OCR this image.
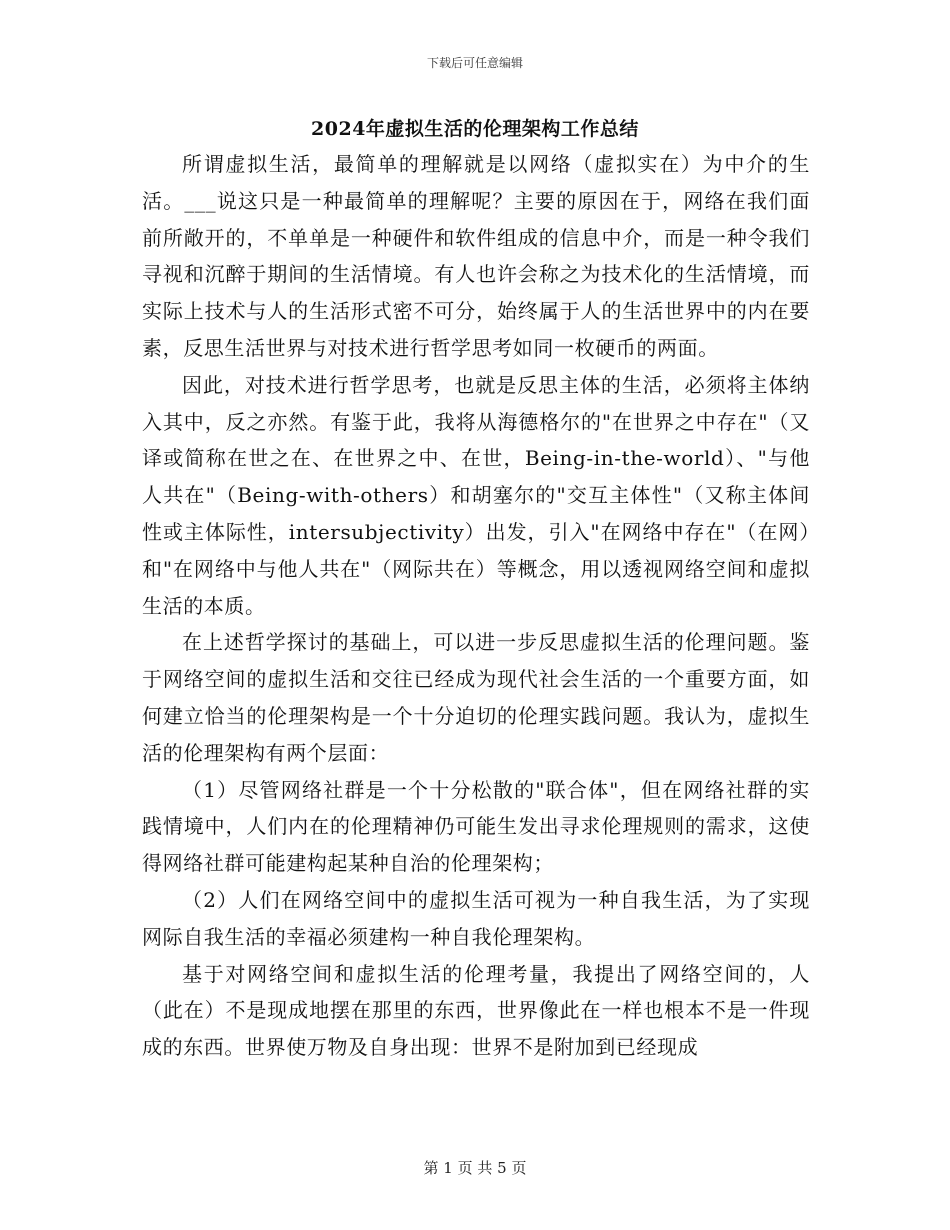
下载后可任意编辑
2024年虚拟生活的伦理架构工作总结

所谓虚拟生活，最简单的理解就是以网络（虚拟实在）为中介的生活。___说这只是一种最简单的理解呢？主要的原因在于，网络在我们面前所敞开的，不单单是一种硬件和软件组成的信息中介，而是一种令我们寻视和沉醉于期间的生活情境。有人也许会称之为技术化的生活情境，而实际上技术与人的生活形式密不可分，始终属于人的生活世界中的内在要素，反思生活世界与对技术进行哲学思考如同一枚硬币的两面。

因此，对技术进行哲学思考，也就是反思主体的生活，必须将主体纳入其中，反之亦然。有鉴于此，我将从海德格尔的"在世界之中存在"（又译或简称在世之在、在世界之中、在世，Being-in-the-world）、"与他人共在"（Being-with-others）和胡塞尔的"交互主体性"（又称主体间性或主体际性，intersubjectivity）出发，引入"在网络中存在"（在网）和"在网络中与他人共在"（网际共在）等概念，用以透视网络空间和虚拟生活的本质。

在上述哲学探讨的基础上，可以进一步反思虚拟生活的伦理问题。鉴于网络空间的虚拟生活和交往已经成为现代社会生活的一个重要方面，如何建立恰当的伦理架构是一个十分迫切的伦理实践问题。我认为，虚拟生活的伦理架构有两个层面：

（1）尽管网络社群是一个十分松散的"联合体"，但在网络社群的实践情境中，人们内在的伦理精神仍可能生发出寻求伦理规则的需求，这使得网络社群可能建构起某种自治的伦理架构；

（2）人们在网络空间中的虚拟生活可视为一种自我生活，为了实现网际自我生活的幸福必须建构一种自我伦理架构。

基于对网络空间和虚拟生活的伦理考量，我提出了网络空间的，人（此在）不是现成地摆在那里的东西，世界像此在一样也根本不是一件现成的东西。世界使万物及自身出现：世界不是附加到已经现成

第 1 页 共 5 页
